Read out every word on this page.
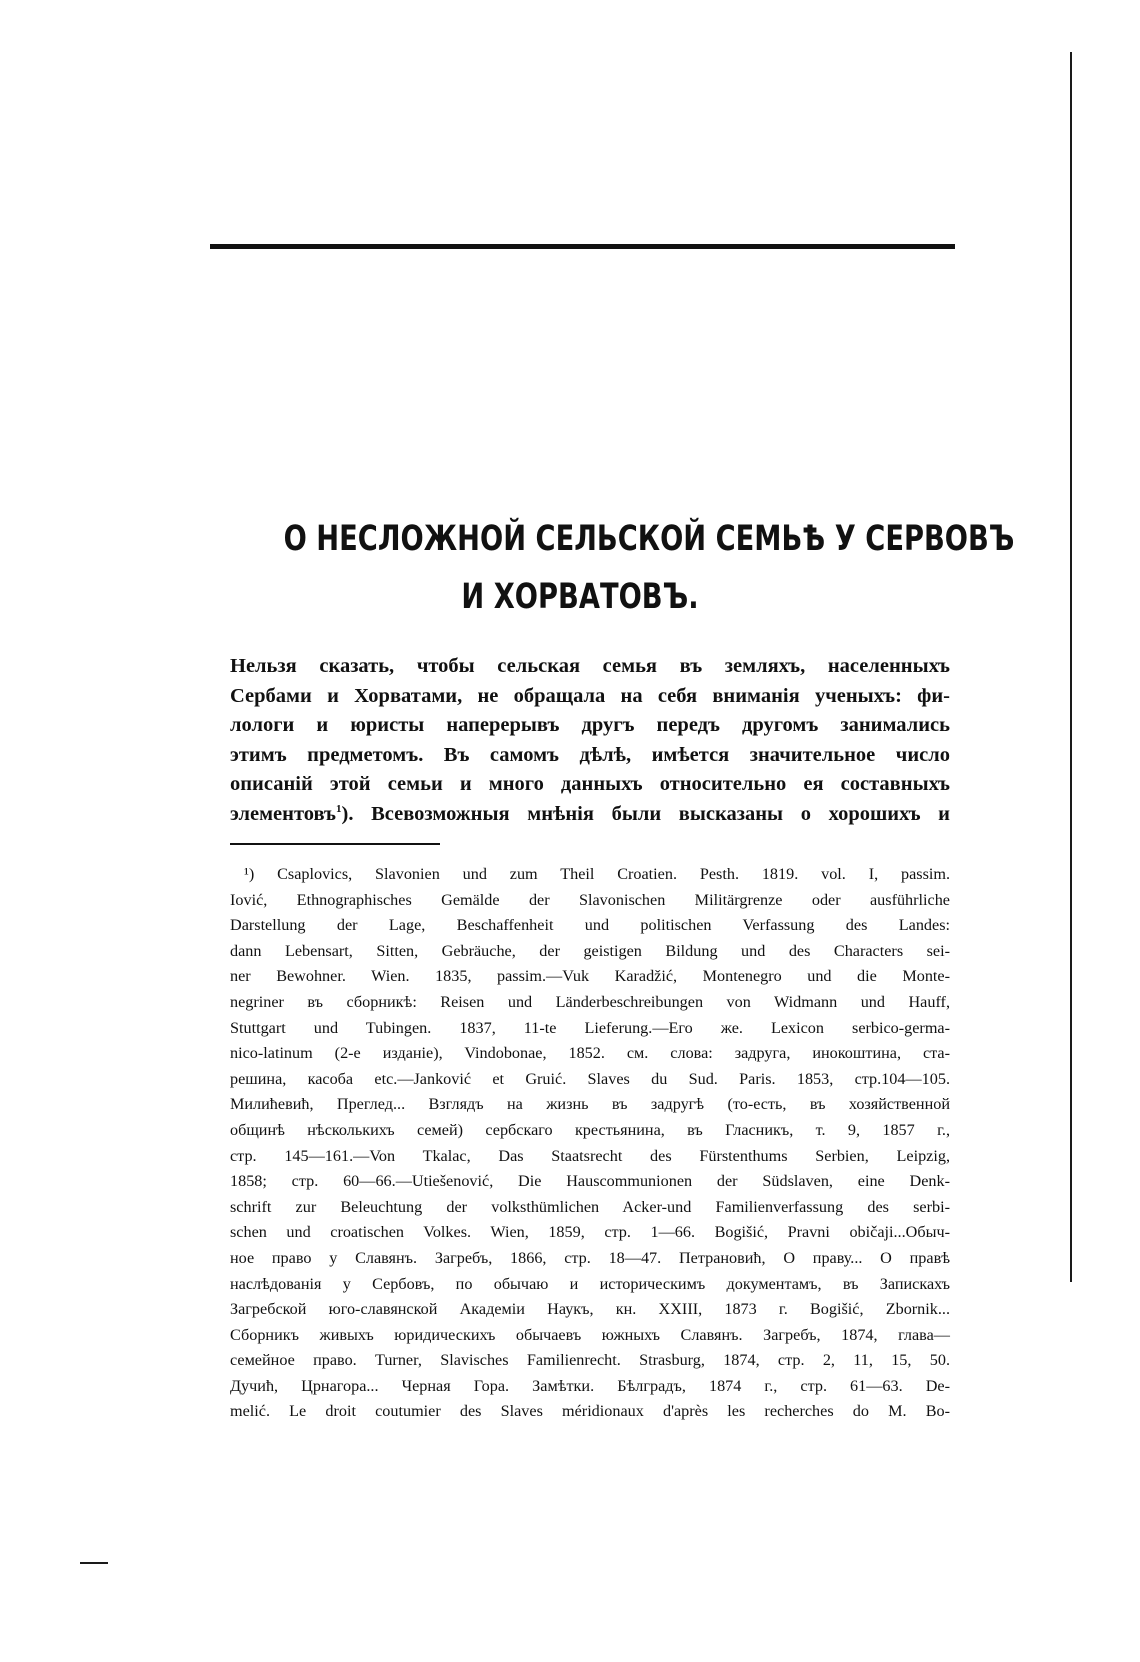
О НЕСЛОЖНОЙ СЕЛЬСКОЙ СЕМЬѢ У СЕРВОВЪ
И ХОРВАТОВЪ.
Нельзя сказать, чтобы сельская семья въ земляхъ, населенныхъ
Сербами и Хорватами, не обращала на себя вниманія ученыхъ: фи-
лологи и юристы наперерывъ другъ передъ другомъ занимались
этимъ предметомъ. Въ самомъ дѣлѣ, имѣется значительное число
описаній этой семьи и много данныхъ относительно ея составныхъ
элементовъ$^1$). Всевозможныя мнѣнія были высказаны о хорошихъ и
¹) Csaplovics, Slavonien und zum Theil Croatien. Pesth. 1819. vol. I, passim.
Iović, Ethnographisches Gemälde der Slavonischen Militärgrenze oder ausführliche
Darstellung der Lage, Beschaffenheit und politischen Verfassung des Landes:
dann Lebensart, Sitten, Gebräuche, der geistigen Bildung und des Characters sei-
ner Bewohner. Wien. 1835, passim.—Vuk Karadžić, Montenegro und die Monte-
negriner въ сборникѣ: Reisen und Länderbeschreibungen von Widmann und Hauff,
Stuttgart und Tubingen. 1837, 11-te Lieferung.—Его же. Lexicon serbico-germa-
nico-latinum (2-е изданіе), Vindobonae, 1852. см. слова: задруга, инокоштина, ста-
решина, касоба etc.—Janković et Gruić. Slaves du Sud. Paris. 1853, стр.104—105.
Милићевић, Преглед... Взглядъ на жизнь въ задругѣ (то-есть, въ хозяйственной
общинѣ нѣсколькихъ семей) сербскаго крестьянина, въ Гласникъ, т. 9, 1857 г.,
стр. 145—161.—Von Tkalac, Das Staatsrecht des Fürstenthums Serbien, Leipzig,
1858; стр. 60—66.—Utiešenović, Die Hauscommunionen der Südslaven, eine Denk-
schrift zur Beleuchtung der volksthümlichen Acker-und Familienverfassung des serbi-
schen und croatischen Volkes. Wien, 1859, стр. 1—66. Bogišić, Pravni običaji...Обыч-
ное право у Славянъ. Загребъ, 1866, стр. 18—47. Петрановић, О праву... О правѣ
наслѣдованія у Сербовъ, по обычаю и историческимъ документамъ, въ Запискахъ
Загребской юго-славянской Академіи Наукъ, кн. XXIII, 1873 г. Bogišić, Zbornik...
Сборникъ живыхъ юридическихъ обычаевъ южныхъ Славянъ. Загребъ, 1874, глава—
семейное право. Turner, Slavisches Familienrecht. Strasburg, 1874, стр. 2, 11, 15, 50.
Дучић, Црнагора... Черная Гора. Замѣтки. Бѣлградъ, 1874 г., стр. 61—63. De-
melić. Le droit coutumier des Slaves méridionaux d'après les recherches do M. Bo-
